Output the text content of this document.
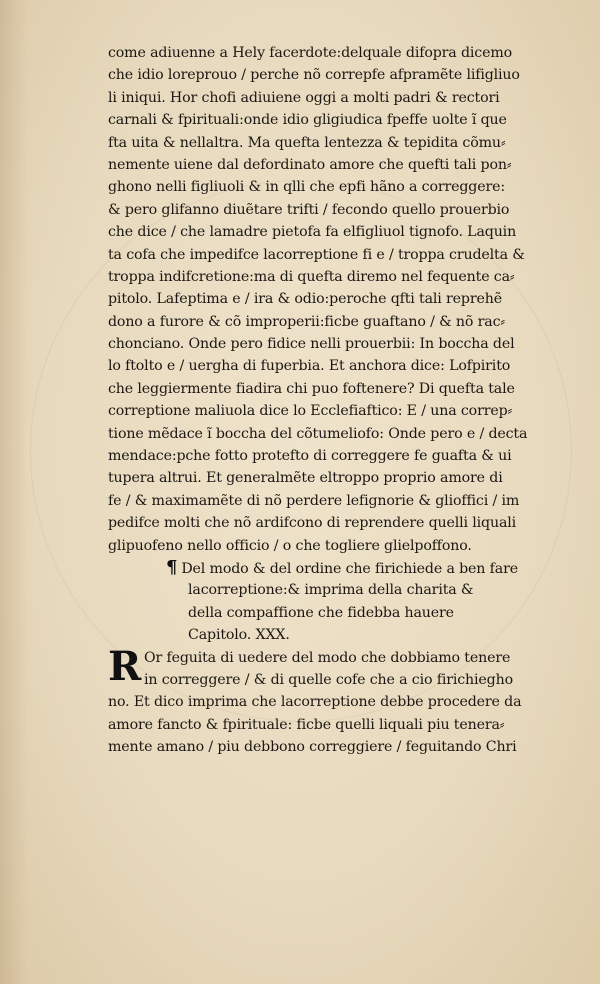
come adiuenne a Hely facerdote:delquale difopra dicemo
che idio loreprouo / perche nõ correpfe afpramẽte lifigliuo
li iniqui. Hor chofi adiuiene oggi a molti padri & rectori
carnali & fpirituali:onde idio gligiudica fpeffe uolte ĩ que
fta uita & nellaltra. Ma quefta lentezza & tepidita cõmu⸗
nemente uiene dal defordinato amore che quefti tali pon⸗
ghono nelli figliuoli & in qlli che epfi hãno a correggere:
& pero glifanno diuẽtare trifti / fecondo quello prouerbio
che dice / che lamadre pietofa fa elfigliuol tignofo. Laquin
ta cofa che impedifce lacorreptione fi e / troppa crudelta &
troppa indifcretione:ma di quefta diremo nel fequente ca⸗
pitolo. Lafeptima e / ira & odio:peroche qfti tali reprehẽ
dono a furore & cõ improperii:ficbe guaftano / & nõ rac⸗
chonciano. Onde pero fidice nelli prouerbii: In boccha del
lo ftolto e / uergha di fuperbia. Et anchora dice: Lofpirito
che leggiermente fiadira chi puo foftenere? Di quefta tale
correptione maliuola dice lo Ecclefiaftico: E / una correp⸗
tione mẽdace ĩ boccha del cõtumeliofo: Onde pero e / decta
mendace:pche fotto protefto di correggere fe guafta & ui
tupera altrui. Et generalmẽte eltroppo proprio amore di
fe / & maximamẽte di nõ perdere lefignorie & glioffici / im
pedifce molti che nõ ardifcono di reprendere quelli liquali
glipuofeno nello officio / o che togliere glielpoffono.
¶ Del modo & del ordine che firichiede a ben fare
lacorreptione:& imprima della charita &
della compaffione che fidebba hauere
Capitolo. XXX.
R Or feguita di uedere del modo che dobbiamo tenere
in correggere / & di quelle cofe che a cio firichiegho
no. Et dico imprima che lacorreptione debbe procedere da
amore fancto & fpirituale: ficbe quelli liquali piu tenera⸗
mente amano / piu debbono correggiere / feguitando Chri
